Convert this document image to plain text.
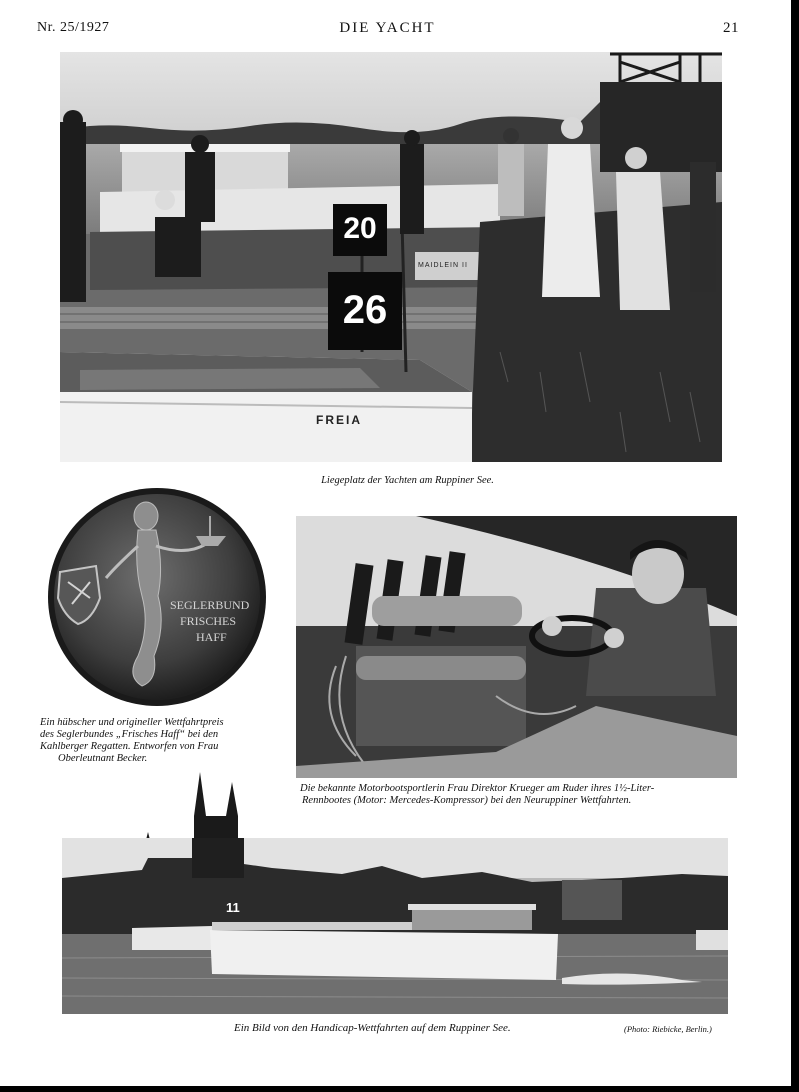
Nr. 25/1927	DIE YACHT	21
20
26
FREIA
MAIDLEIN II
Liegeplatz der Yachten am Ruppiner See.
SEGLERBUND
FRISCHES
HAFF
Ein hübscher und origineller Wettfahrtpreis
des Seglerbundes „Frisches Haff“ bei den
Kahlberger Regatten. Entworfen von Frau
Oberleutnant Becker.
Die bekannte Motorbootsportlerin Frau Direktor Krueger am Ruder ihres 1½-Liter-
Rennbootes (Motor: Mercedes-Kompressor) bei den Neuruppiner Wettfahrten.
11
Ein Bild von den Handicap-Wettfahrten auf dem Ruppiner See.	(Photo: Riebicke, Berlin.)
